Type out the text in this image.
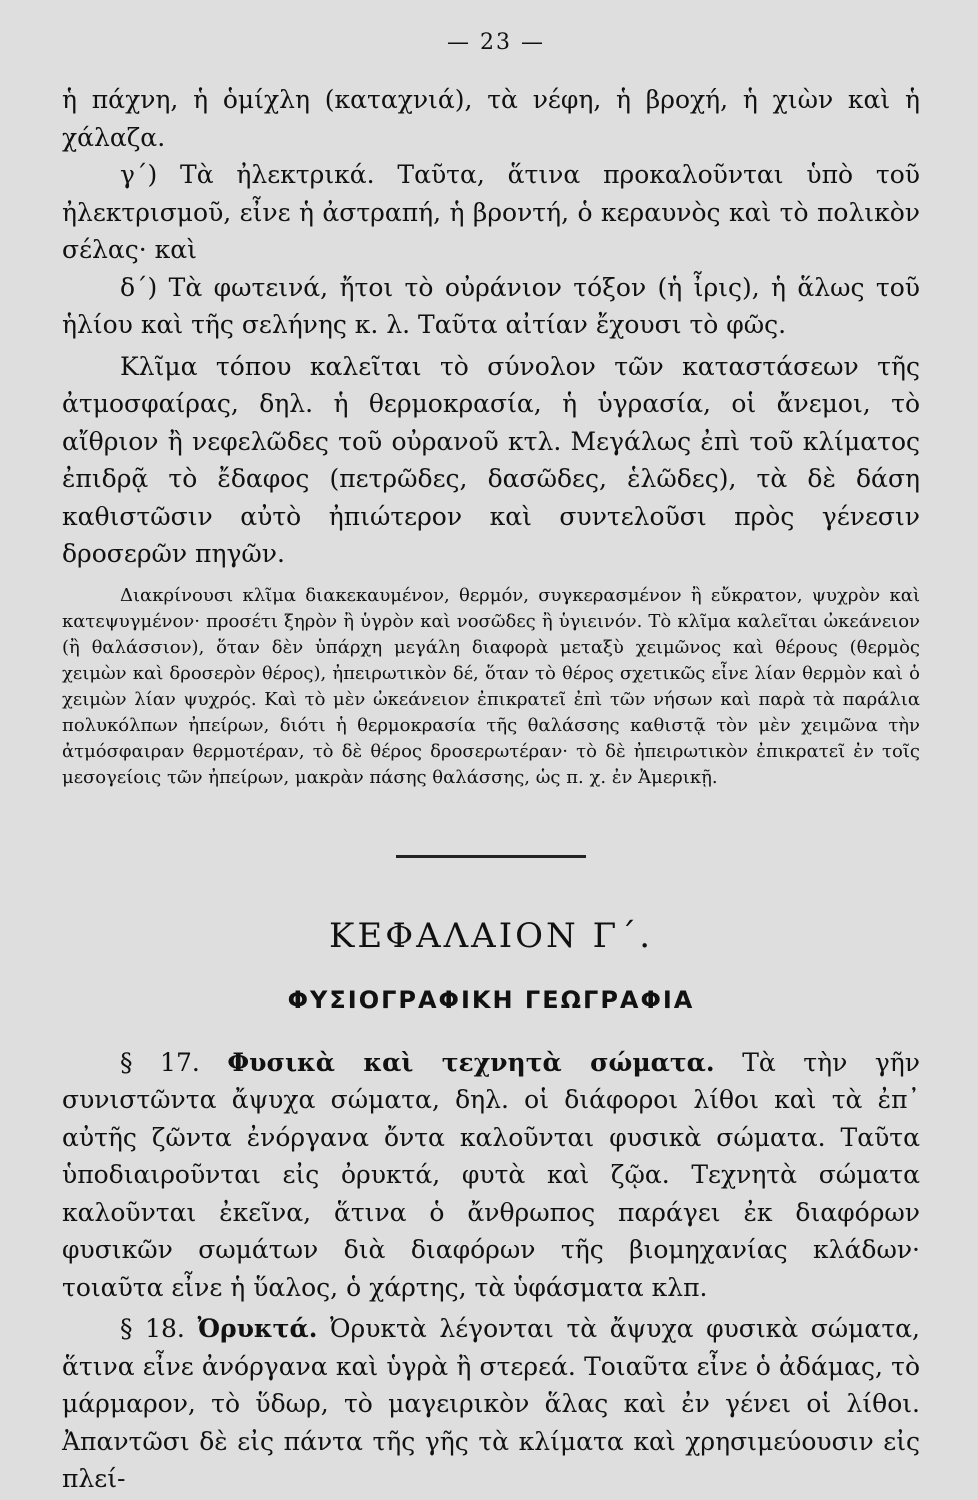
— 23 —

ἡ πάχνη, ἡ ὁμίχλη (καταχνιά), τὰ νέφη, ἡ βροχή, ἡ χιὼν καὶ ἡ χάλαζα.

γ΄) Τὰ ἠλεκτρικά. Ταῦτα, ἅτινα προκαλοῦνται ὑπὸ τοῦ ἠλεκτρισμοῦ, εἶνε ἡ ἀστραπή, ἡ βροντή, ὁ κεραυνὸς καὶ τὸ πολικὸν σέλας· καὶ

δ΄) Τὰ φωτεινά, ἤτοι τὸ οὐράνιον τόξον (ἡ ἶρις), ἡ ἅλως τοῦ ἡλίου καὶ τῆς σελήνης κ. λ. Ταῦτα αἰτίαν ἔχουσι τὸ φῶς.

Κλῖμα τόπου καλεῖται τὸ σύνολον τῶν καταστάσεων τῆς ἀτμοσφαίρας, δηλ. ἡ θερμοκρασία, ἡ ὑγρασία, οἱ ἄνεμοι, τὸ αἴθριον ἢ νεφελῶδες τοῦ οὐρανοῦ κτλ. Μεγάλως ἐπὶ τοῦ κλίματος ἐπιδρᾷ τὸ ἔδαφος (πετρῶδες, δασῶδες, ἑλῶδες), τὰ δὲ δάση καθιστῶσιν αὐτὸ ἠπιώτερον καὶ συντελοῦσι πρὸς γένεσιν δροσερῶν πηγῶν.

Διακρίνουσι κλῖμα διακεκαυμένον, θερμόν, συγκερασμένον ἢ εὔκρατον, ψυχρὸν καὶ κατεψυγμένον· προσέτι ξηρὸν ἢ ὑγρὸν καὶ νοσῶδες ἢ ὑγιεινόν. Τὸ κλῖμα καλεῖται ὠκεάνειον (ἢ θαλάσσιον), ὅταν δὲν ὑπάρχη μεγάλη διαφορὰ μεταξὺ χειμῶνος καὶ θέρους (θερμὸς χειμὼν καὶ δροσερὸν θέρος), ἠπειρωτικὸν δέ, ὅταν τὸ θέρος σχετικῶς εἶνε λίαν θερμὸν καὶ ὁ χειμὼν λίαν ψυχρός. Καὶ τὸ μὲν ὠκεάνειον ἐπικρατεῖ ἐπὶ τῶν νήσων καὶ παρὰ τὰ παράλια πολυκόλπων ἠπείρων, διότι ἡ θερμοκρασία τῆς θαλάσσης καθιστᾷ τὸν μὲν χειμῶνα τὴν ἀτμόσφαιραν θερμοτέραν, τὸ δὲ θέρος δροσερωτέραν· τὸ δὲ ἠπειρωτικὸν ἐπικρατεῖ ἐν τοῖς μεσογείοις τῶν ἠπείρων, μακρὰν πάσης θαλάσσης, ὡς π. χ. ἐν Ἀμερικῇ.

ΚΕΦΑΛΑΙΟΝ Γ΄.
ΦΥΣΙΟΓΡΑΦΙΚΗ ΓΕΩΓΡΑΦΙΑ

§ 17. Φυσικὰ καὶ τεχνητὰ σώματα. Τὰ τὴν γῆν συνιστῶντα ἄψυχα σώματα, δηλ. οἱ διάφοροι λίθοι καὶ τὰ ἐπ᾿ αὐτῆς ζῶντα ἐνόργανα ὄντα καλοῦνται φυσικὰ σώματα. Ταῦτα ὑποδιαιροῦνται εἰς ὀρυκτά, φυτὰ καὶ ζῷα. Τεχνητὰ σώματα καλοῦνται ἐκεῖνα, ἅτινα ὁ ἄνθρωπος παράγει ἐκ διαφόρων φυσικῶν σωμάτων διὰ διαφόρων τῆς βιομηχανίας κλάδων· τοιαῦτα εἶνε ἡ ὕαλος, ὁ χάρτης, τὰ ὑφάσματα κλπ.

§ 18. Ὀρυκτά. Ὀρυκτὰ λέγονται τὰ ἄψυχα φυσικὰ σώματα, ἅτινα εἶνε ἀνόργανα καὶ ὑγρὰ ἢ στερεά. Τοιαῦτα εἶνε ὁ ἀδάμας, τὸ μάρμαρον, τὸ ὕδωρ, τὸ μαγειρικὸν ἅλας καὶ ἐν γένει οἱ λίθοι. Ἀπαντῶσι δὲ εἰς πάντα τῆς γῆς τὰ κλίματα καὶ χρησιμεύουσιν εἰς πλεί-
